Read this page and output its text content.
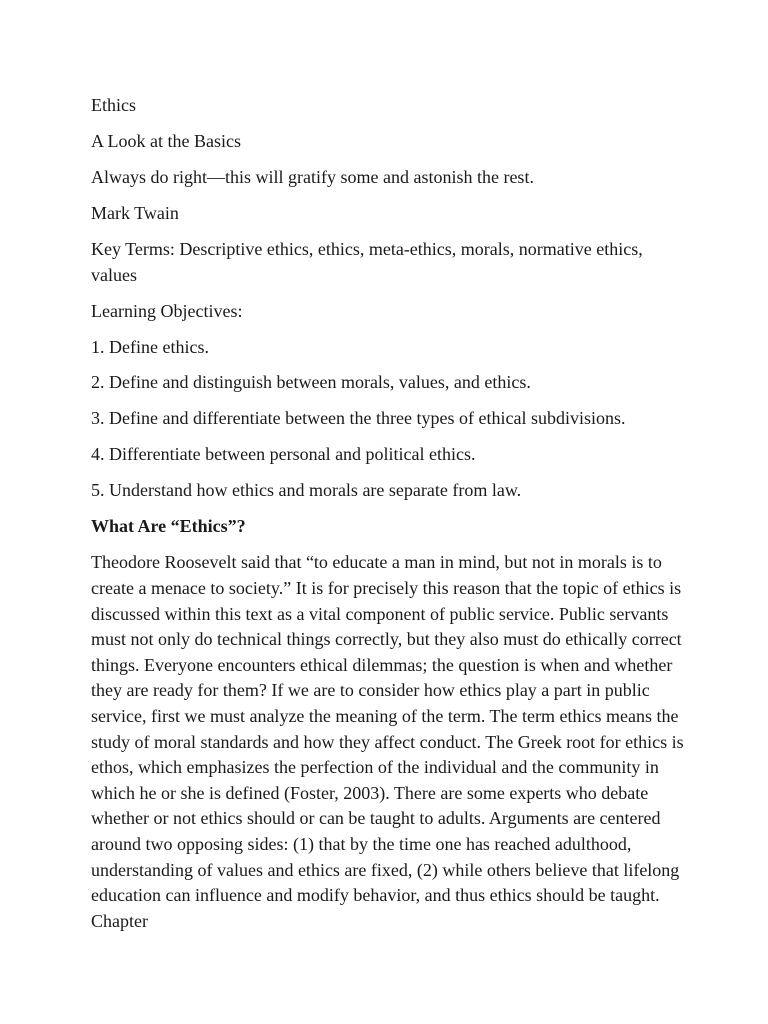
Ethics

A Look at the Basics

Always do right—this will gratify some and astonish the rest.

Mark Twain

Key Terms: Descriptive ethics, ethics, meta-ethics, morals, normative ethics, values

Learning Objectives:

1. Define ethics.

2. Define and distinguish between morals, values, and ethics.

3. Define and differentiate between the three types of ethical subdivisions.

4. Differentiate between personal and political ethics.

5. Understand how ethics and morals are separate from law.

What Are “Ethics”?

Theodore Roosevelt said that “to educate a man in mind, but not in morals is to create a menace to society.” It is for precisely this reason that the topic of ethics is discussed within this text as a vital component of public service. Public servants must not only do technical things correctly, but they also must do ethically correct things. Everyone encounters ethical dilemmas; the question is when and whether they are ready for them? If we are to consider how ethics play a part in public service, first we must analyze the meaning of the term. The term ethics means the study of moral standards and how they affect conduct. The Greek root for ethics is ethos, which emphasizes the perfection of the individual and the community in which he or she is defined (Foster, 2003). There are some experts who debate whether or not ethics should or can be taught to adults. Arguments are centered around two opposing sides: (1) that by the time one has reached adulthood, understanding of values and ethics are fixed, (2) while others believe that lifelong education can influence and modify behavior, and thus ethics should be taught. Chapter
